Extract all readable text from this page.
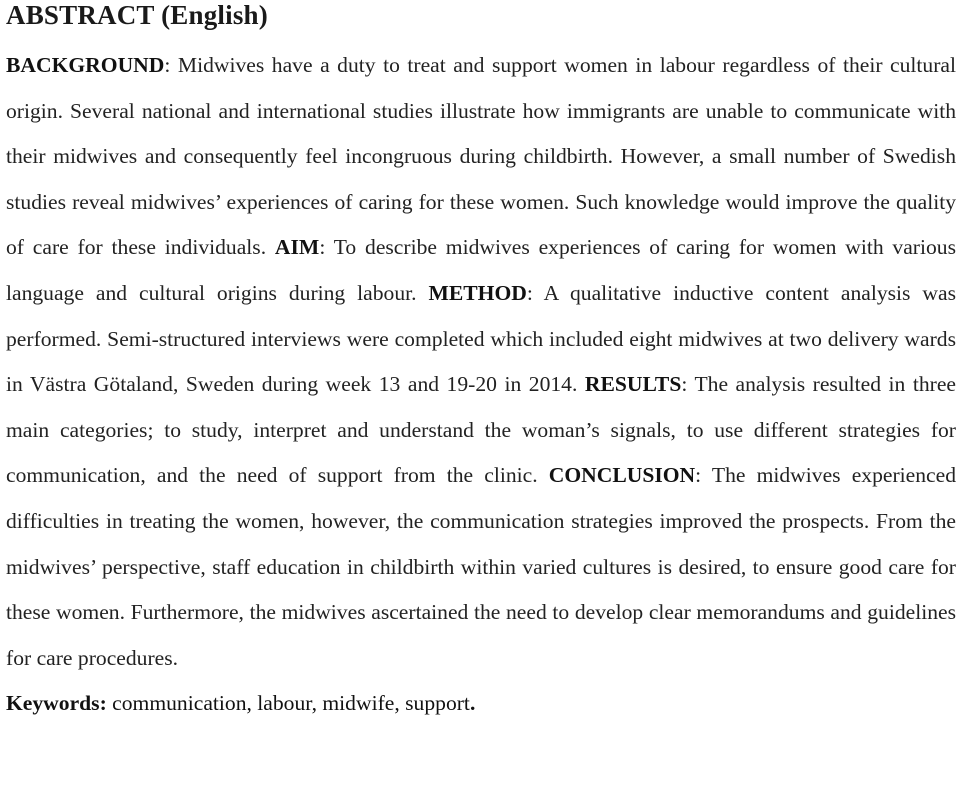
ABSTRACT (English)

BACKGROUND: Midwives have a duty to treat and support women in labour regardless of their cultural origin. Several national and international studies illustrate how immigrants are unable to communicate with their midwives and consequently feel incongruous during childbirth. However, a small number of Swedish studies reveal midwives’ experiences of caring for these women. Such knowledge would improve the quality of care for these individuals. AIM: To describe midwives experiences of caring for women with various language and cultural origins during labour. METHOD: A qualitative inductive content analysis was performed. Semi-structured interviews were completed which included eight midwives at two delivery wards in Västra Götaland, Sweden during week 13 and 19-20 in 2014. RESULTS: The analysis resulted in three main categories; to study, interpret and understand the woman’s signals, to use different strategies for communication, and the need of support from the clinic. CONCLUSION: The midwives experienced difficulties in treating the women, however, the communication strategies improved the prospects. From the midwives’ perspective, staff education in childbirth within varied cultures is desired, to ensure good care for these women. Furthermore, the midwives ascertained the need to develop clear memorandums and guidelines for care procedures.

Keywords: communication, labour, midwife, support.
